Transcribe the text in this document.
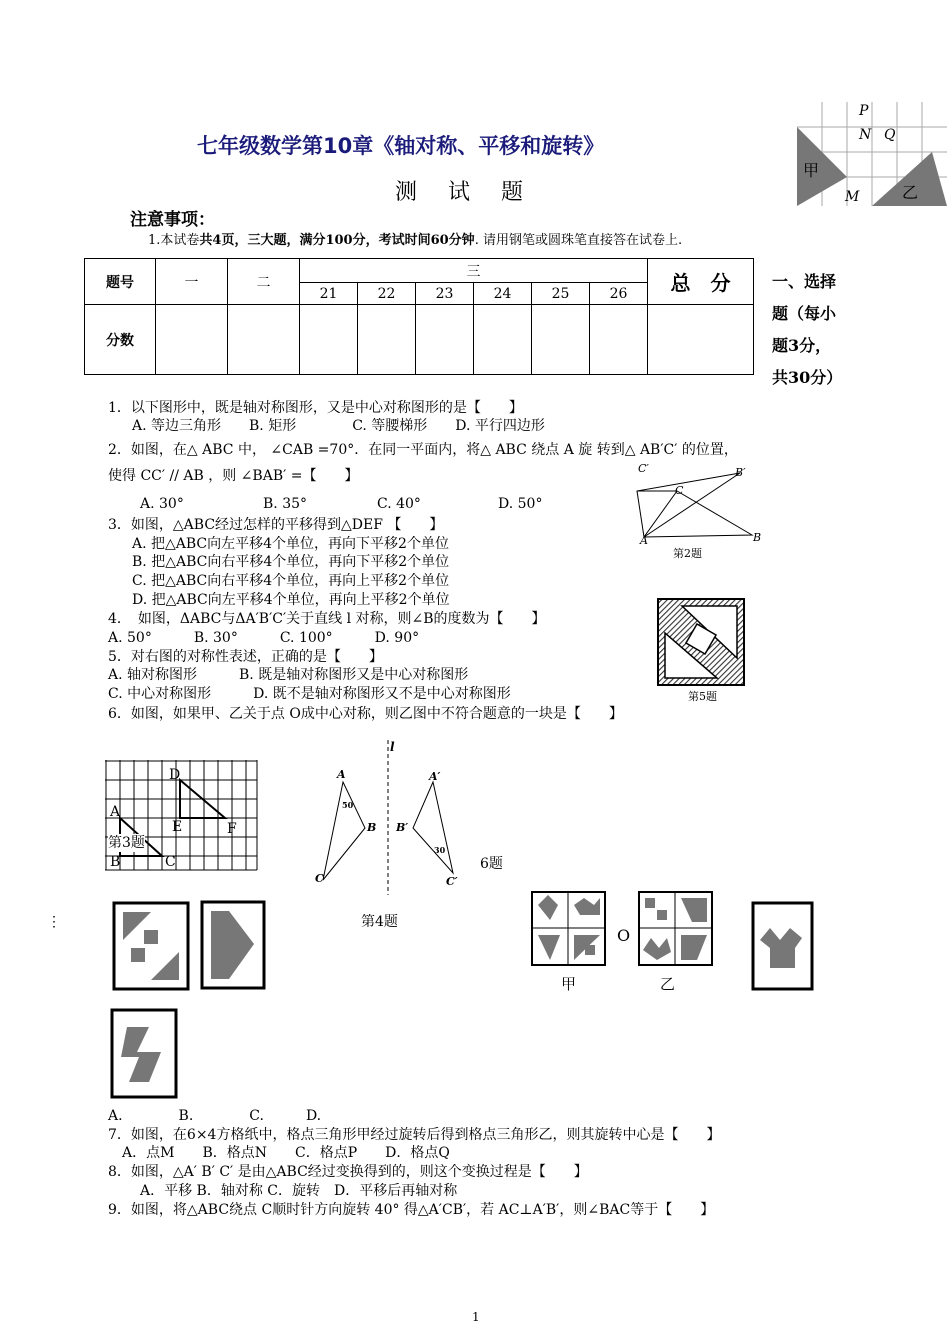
P
N Q
M
甲
乙
七年级数学第10章《轴对称、平移和旋转》
测 试 题
注意事项：
1.本试卷共4页，三大题，满分100分，考试时间60分钟. 请用钢笔或圆珠笔直接答在试卷上.
题号	一	二	三						总　分
			21	22	23	24	25	26	
分数									
一、选择
题（每小
题3分，
共30分）
1．以下图形中，既是轴对称图形，又是中心对称图形的是【　　】
A. 等边三角形　　B. 矩形　　　　C. 等腰梯形　　D. 平行四边形
2．如图，在△ ABC 中， ∠CAB =70°．在同一平面内，将△ ABC 绕点 A 旋 转到△ AB′C′ 的位置，
使得 CC′ // AB ，则 ∠BAB′ =【　　】
A. 30°	B. 35°	C. 40°	D. 50°
C′
C
B′
A	B
第2题
3．如图，△ABC经过怎样的平移得到△DEF 【　　】
A. 把△ABC向左平移4个单位，再向下平移2个单位
B. 把△ABC向右平移4个单位，再向下平移2个单位
C. 把△ABC向右平移4个单位，再向上平移2个单位
D. 把△ABC向左平移4个单位，再向上平移2个单位
4．　如图，ΔABC与ΔA′B′C′关于直线 l 对称，则∠B的度数为【　　】
A. 50°　　　B. 30°　　　C. 100°　　　D. 90°
第5题
5．对右图的对称性表述，正确的是【　　】
A. 轴对称图形　　　B. 既是轴对称图形又是中心对称图形
C. 中心对称图形　　　D. 既不是轴对称图形又不是中心对称图形
6．如图，如果甲、乙关于点 O成中心对称，则乙图中不符合题意的一块是【　　】
A
B	C
D
E	F
第3题
l
A
50
B
C
A′
B′
30
C′
6题
第4题
⋮
O
甲	乙
A.　　　　B.　　　　C.　　　D.
7．如图，在6×4方格纸中，格点三角形甲经过旋转后得到格点三角形乙，则其旋转中心是【　　】
A．点M　　B．格点N　　C．格点P　　D．格点Q
8．如图，△A′ B′ C′ 是由△ABC经过变换得到的，则这个变换过程是【　　】
A．平移 B．轴对称 C．旋转　D．平移后再轴对称
9．如图，将△ABC绕点 C顺时针方向旋转 40° 得△A′CB′，若 AC⊥A′B′，则∠BAC等于【　　】
1
